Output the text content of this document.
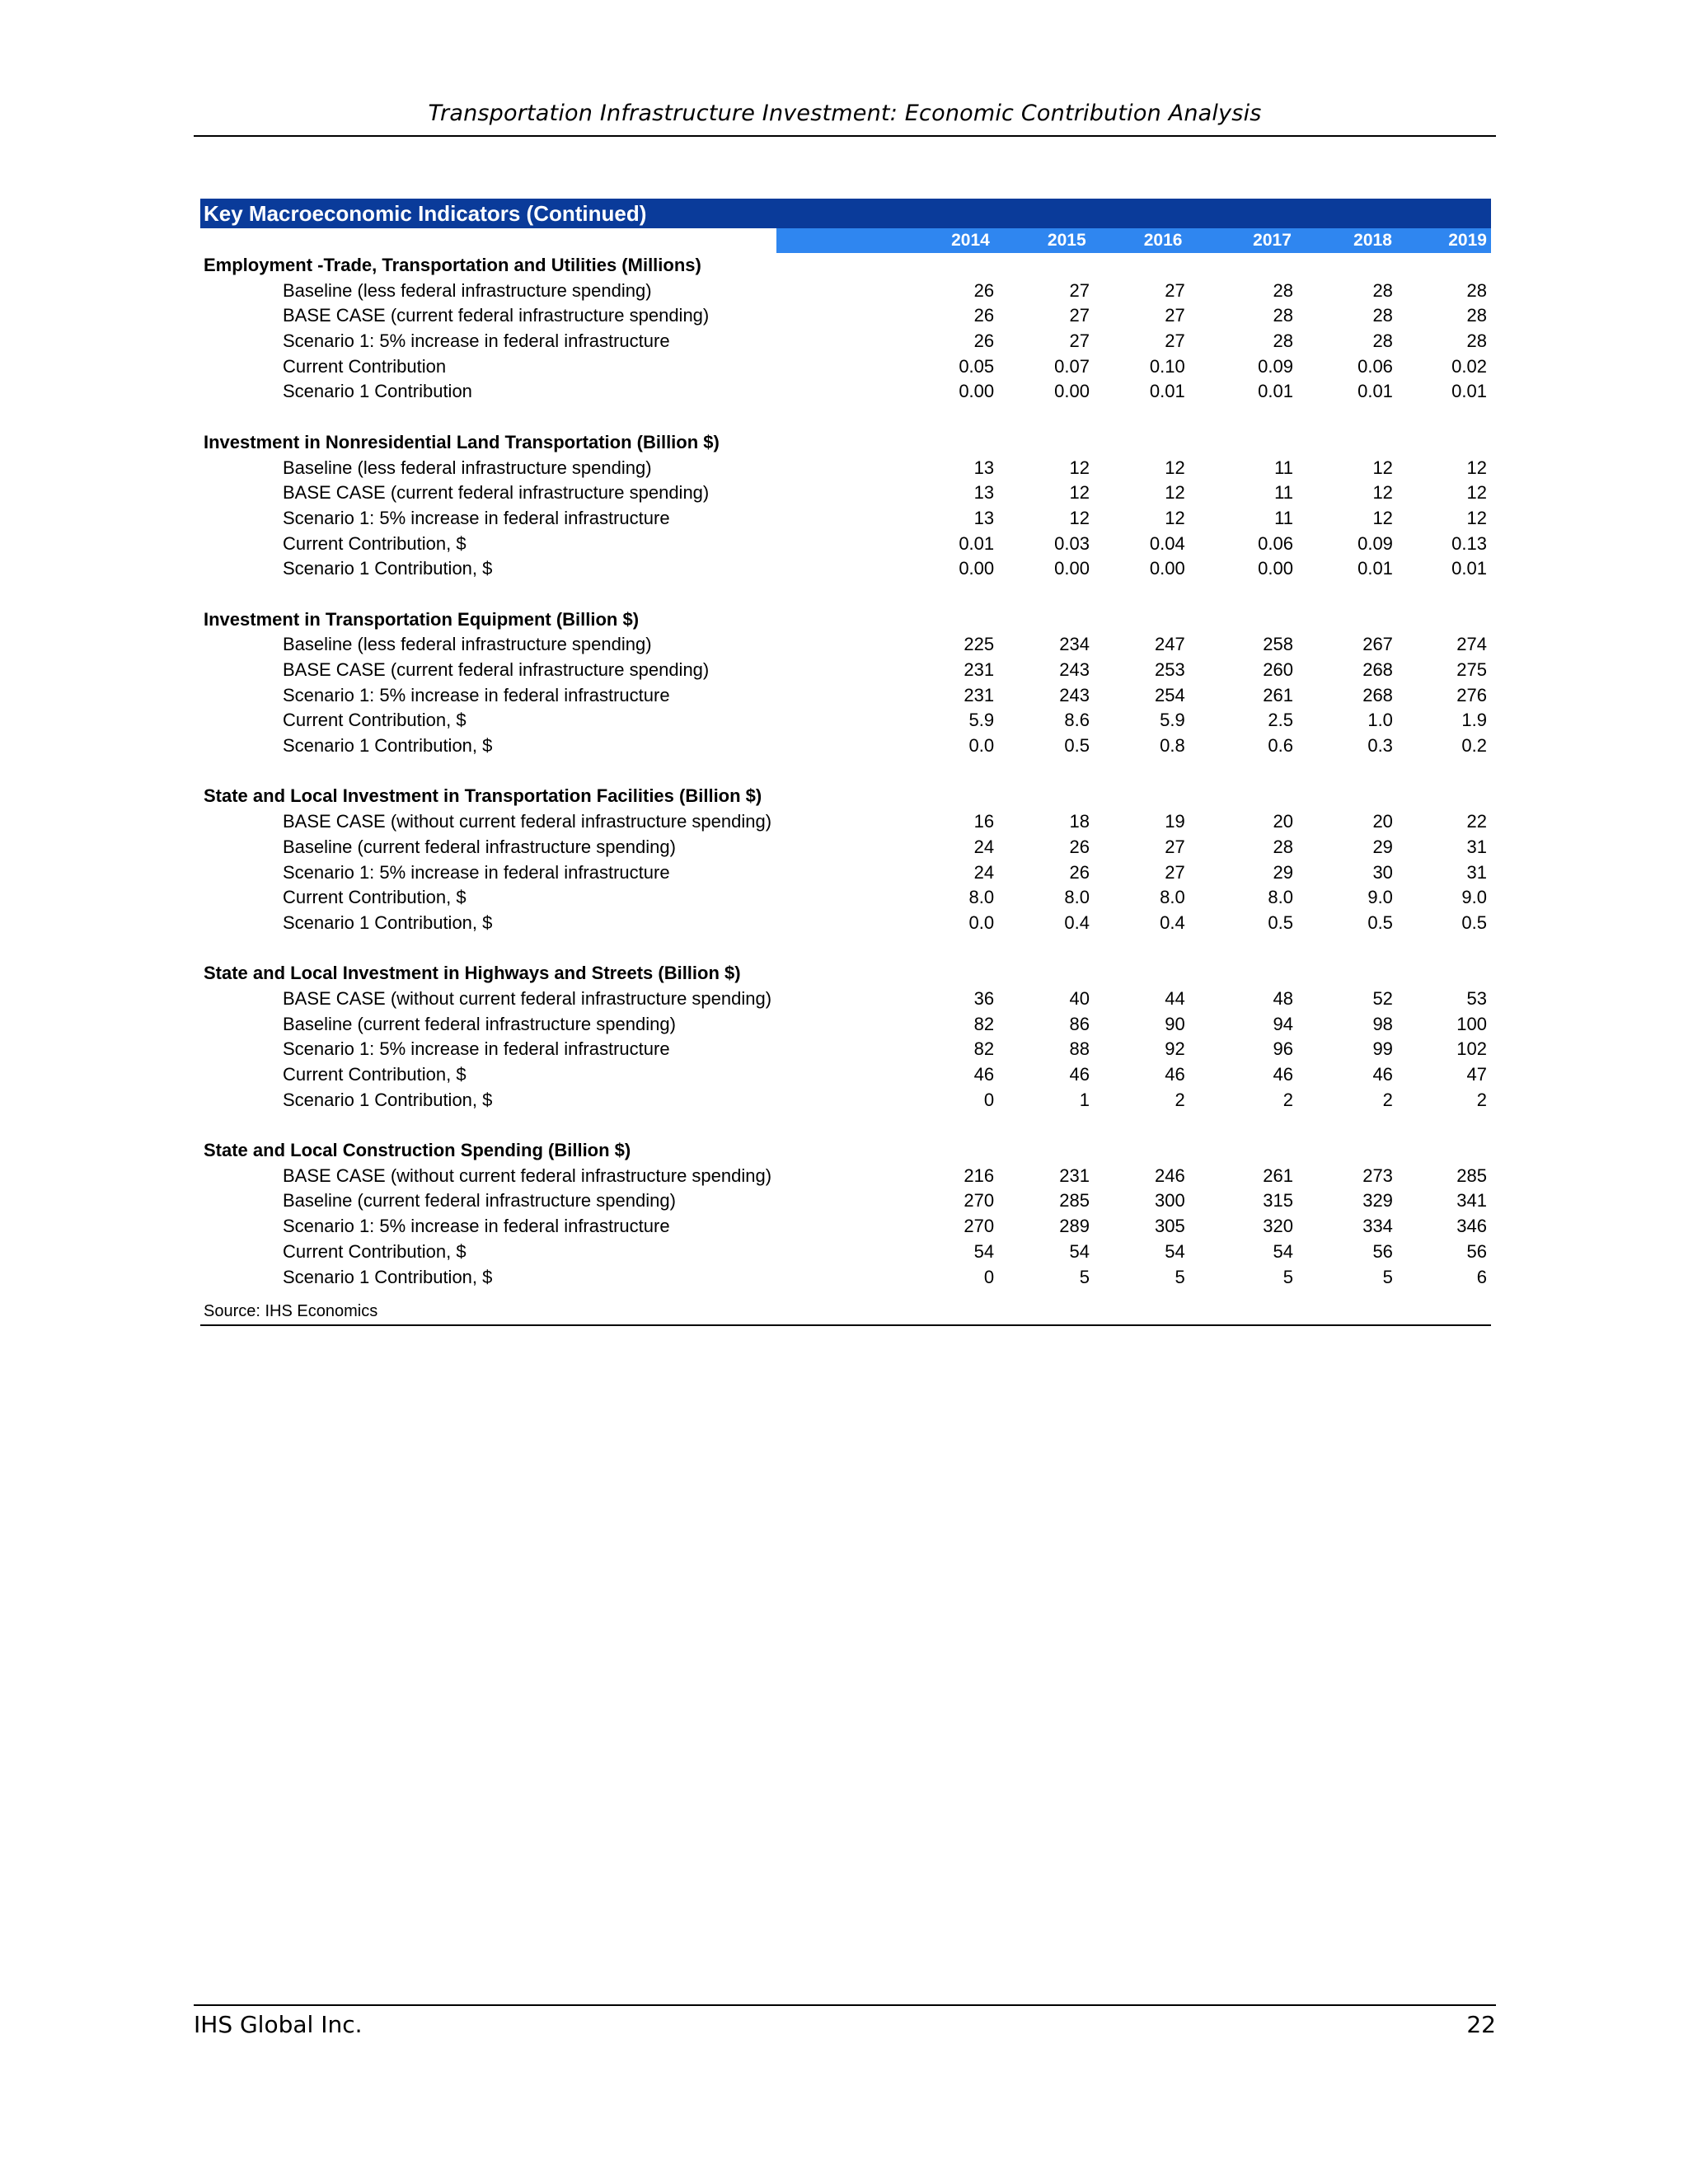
Transportation Infrastructure Investment: Economic Contribution Analysis
Key Macroeconomic Indicators (Continued)
2014	2015	2016	2017	2018	2019
Employment -Trade, Transportation and Utilities (Millions)
Baseline (less federal infrastructure spending)	26	27	27	28	28	28
BASE CASE (current federal infrastructure spending)	26	27	27	28	28	28
Scenario 1: 5% increase in federal infrastructure	26	27	27	28	28	28
Current Contribution	0.05	0.07	0.10	0.09	0.06	0.02
Scenario 1 Contribution	0.00	0.00	0.01	0.01	0.01	0.01
Investment in Nonresidential Land Transportation (Billion $)
Baseline (less federal infrastructure spending)	13	12	12	11	12	12
BASE CASE (current federal infrastructure spending)	13	12	12	11	12	12
Scenario 1: 5% increase in federal infrastructure	13	12	12	11	12	12
Current Contribution, $	0.01	0.03	0.04	0.06	0.09	0.13
Scenario 1 Contribution, $	0.00	0.00	0.00	0.00	0.01	0.01
Investment in Transportation Equipment (Billion $)
Baseline (less federal infrastructure spending)	225	234	247	258	267	274
BASE CASE (current federal infrastructure spending)	231	243	253	260	268	275
Scenario 1: 5% increase in federal infrastructure	231	243	254	261	268	276
Current Contribution, $	5.9	8.6	5.9	2.5	1.0	1.9
Scenario 1 Contribution, $	0.0	0.5	0.8	0.6	0.3	0.2
State and Local Investment in Transportation Facilities (Billion $)
BASE CASE (without current federal infrastructure spending)	16	18	19	20	20	22
Baseline (current federal infrastructure spending)	24	26	27	28	29	31
Scenario 1: 5% increase in federal infrastructure	24	26	27	29	30	31
Current Contribution, $	8.0	8.0	8.0	8.0	9.0	9.0
Scenario 1 Contribution, $	0.0	0.4	0.4	0.5	0.5	0.5
State and Local Investment in Highways and Streets (Billion $)
BASE CASE (without current federal infrastructure spending)	36	40	44	48	52	53
Baseline (current federal infrastructure spending)	82	86	90	94	98	100
Scenario 1: 5% increase in federal infrastructure	82	88	92	96	99	102
Current Contribution, $	46	46	46	46	46	47
Scenario 1 Contribution, $	0	1	2	2	2	2
State and Local Construction Spending (Billion $)
BASE CASE (without current federal infrastructure spending)	216	231	246	261	273	285
Baseline (current federal infrastructure spending)	270	285	300	315	329	341
Scenario 1: 5% increase in federal infrastructure	270	289	305	320	334	346
Current Contribution, $	54	54	54	54	56	56
Scenario 1 Contribution, $	0	5	5	5	5	6
Source: IHS Economics
IHS Global Inc.	22
